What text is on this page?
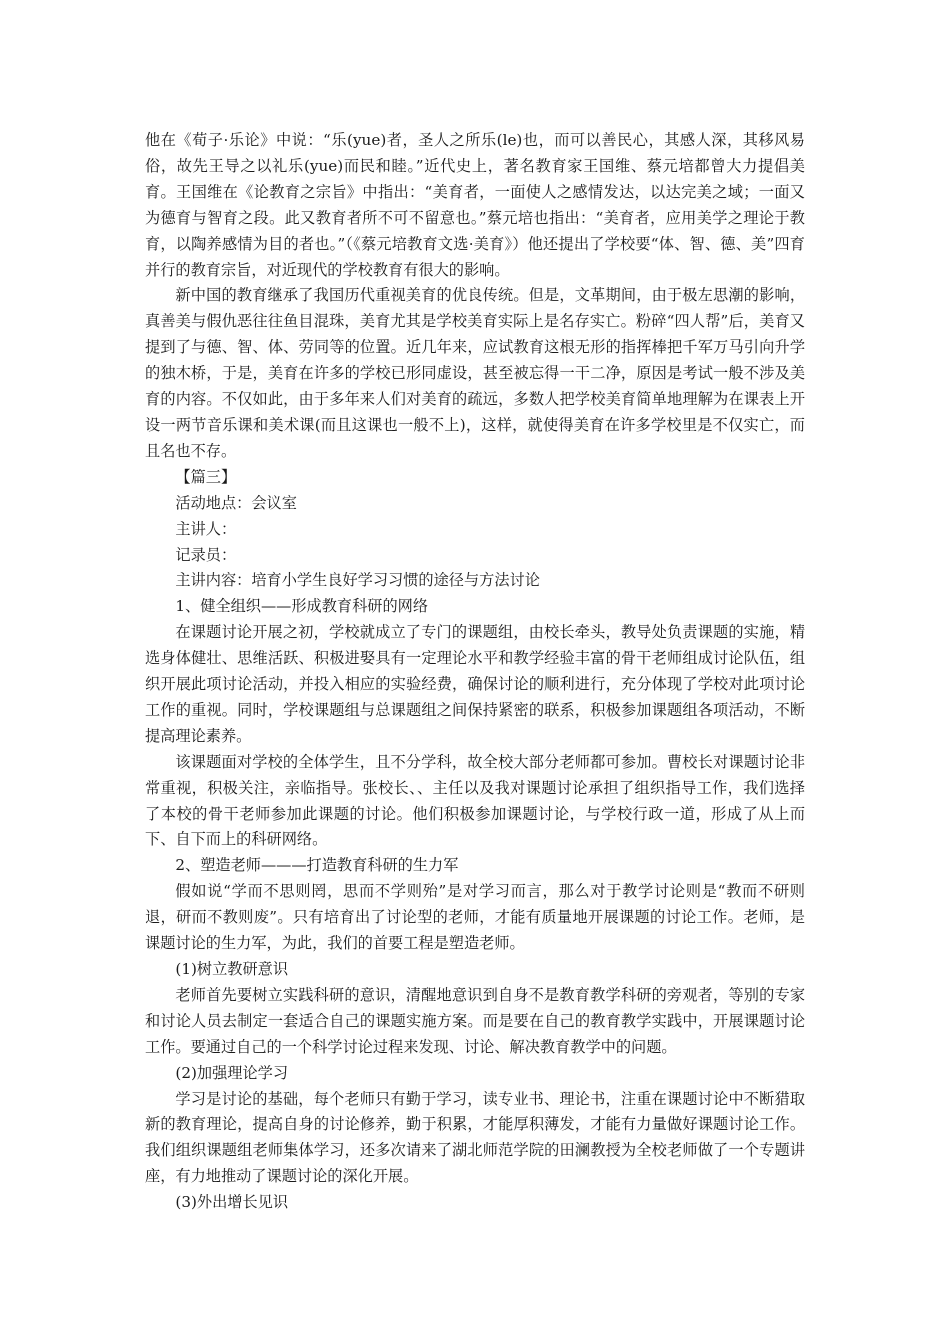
他在《荀子·乐论》中说：“乐(yue)者，圣人之所乐(le)也，而可以善民心，其感人深，其移风易俗，故先王导之以礼乐(yue)而民和睦。”近代史上，著名教育家王国维、蔡元培都曾大力提倡美育。王国维在《论教育之宗旨》中指出：“美育者，一面使人之感情发达，以达完美之域；一面又为德育与智育之段。此又教育者所不可不留意也。”蔡元培也指出：“美育者，应用美学之理论于教育，以陶养感情为目的者也。”（《蔡元培教育文选·美育》）他还提出了学校要“体、智、德、美”四育并行的教育宗旨，对近现代的学校教育有很大的影响。

新中国的教育继承了我国历代重视美育的优良传统。但是，文革期间，由于极左思潮的影响，真善美与假仇恶往往鱼目混珠，美育尤其是学校美育实际上是名存实亡。粉碎“四人帮”后，美育又提到了与德、智、体、劳同等的位置。近几年来，应试教育这根无形的指挥棒把千军万马引向升学的独木桥，于是，美育在许多的学校已形同虚设，甚至被忘得一干二净，原因是考试一般不涉及美育的内容。不仅如此，由于多年来人们对美育的疏远，多数人把学校美育简单地理解为在课表上开设一两节音乐课和美术课(而且这课也一般不上)，这样，就使得美育在许多学校里是不仅实亡，而且名也不存。

【篇三】

活动地点：会议室

主讲人：

记录员：

主讲内容：培育小学生良好学习习惯的途径与方法讨论

1、健全组织——形成教育科研的网络

在课题讨论开展之初，学校就成立了专门的课题组，由校长牵头，教导处负责课题的实施，精选身体健壮、思维活跃、积极进娶具有一定理论水平和教学经验丰富的骨干老师组成讨论队伍，组织开展此项讨论活动，并投入相应的实验经费，确保讨论的顺利进行，充分体现了学校对此项讨论工作的重视。同时，学校课题组与总课题组之间保持紧密的联系，积极参加课题组各项活动，不断提高理论素养。

该课题面对学校的全体学生，且不分学科，故全校大部分老师都可参加。曹校长对课题讨论非常重视，积极关注，亲临指导。张校长、、主任以及我对课题讨论承担了组织指导工作，我们选择了本校的骨干老师参加此课题的讨论。他们积极参加课题讨论，与学校行政一道，形成了从上而下、自下而上的科研网络。

2、塑造老师———打造教育科研的生力军

假如说“学而不思则罔，思而不学则殆”是对学习而言，那么对于教学讨论则是“教而不研则退，研而不教则废”。只有培育出了讨论型的老师，才能有质量地开展课题的讨论工作。老师，是课题讨论的生力军，为此，我们的首要工程是塑造老师。

(1)树立教研意识

老师首先要树立实践科研的意识，清醒地意识到自身不是教育教学科研的旁观者，等别的专家和讨论人员去制定一套适合自己的课题实施方案。而是要在自己的教育教学实践中，开展课题讨论工作。要通过自己的一个科学讨论过程来发现、讨论、解决教育教学中的问题。

(2)加强理论学习

学习是讨论的基础，每个老师只有勤于学习，读专业书、理论书，注重在课题讨论中不断猎取新的教育理论，提高自身的讨论修养，勤于积累，才能厚积薄发，才能有力量做好课题讨论工作。我们组织课题组老师集体学习，还多次请来了湖北师范学院的田澜教授为全校老师做了一个专题讲座，有力地推动了课题讨论的深化开展。

(3)外出增长见识
